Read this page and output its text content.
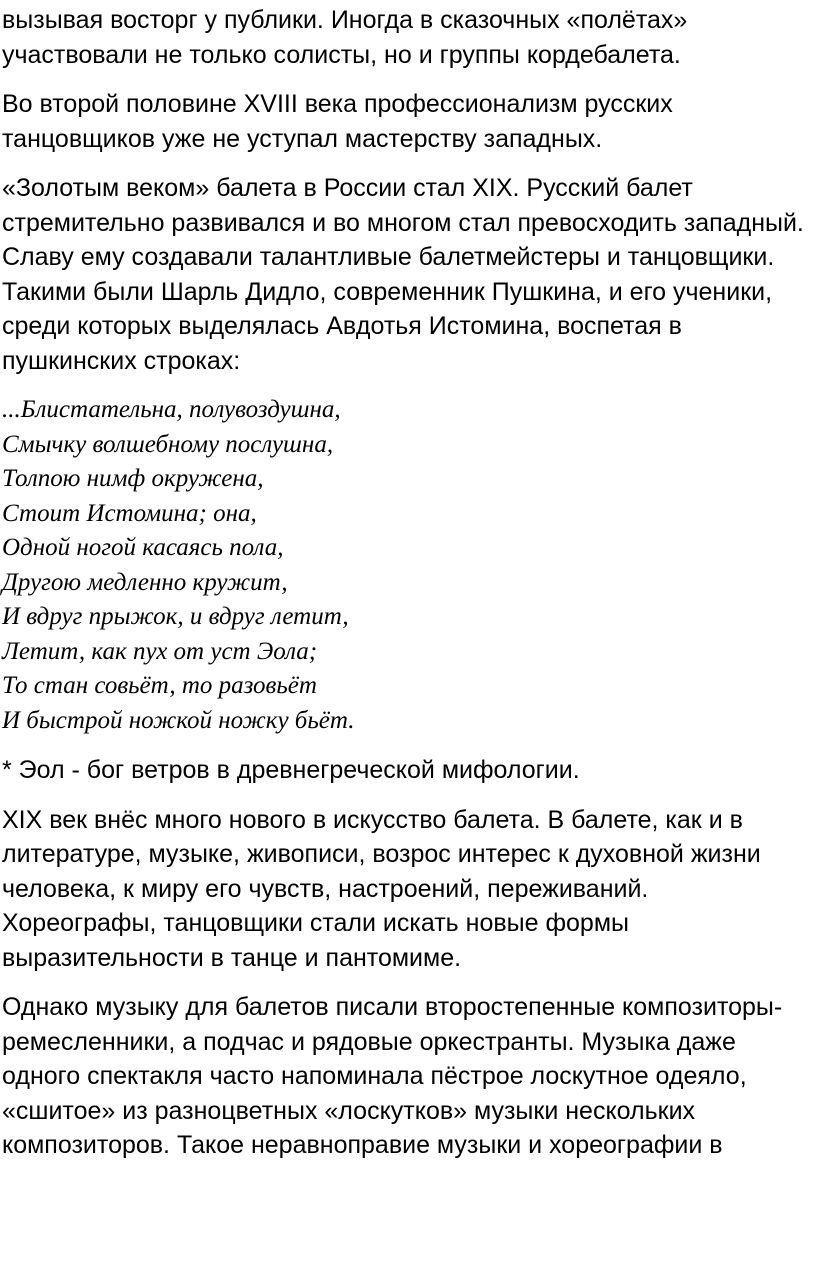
вызывая восторг у публики. Иногда в сказочных «полётах»
участвовали не только солисты, но и группы кордебалета.

Во второй половине XVIII века профессионализм русских
танцовщиков уже не уступал мастерству западных.

«Золотым веком» балета в России стал XIX. Русский балет
стремительно развивался и во многом стал превосходить западный.
Славу ему создавали талантливые балетмейстеры и танцовщики.
Такими были Шарль Дидло, современник Пушкина, и его ученики,
среди которых выделялась Авдотья Истомина, воспетая в
пушкинских строках:

...Блистательна, полувоздушна,
Смычку волшебному послушна,
Толпою нимф окружена,
Стоит Истомина; она,
Одной ногой касаясь пола,
Другою медленно кружит,
И вдруг прыжок, и вдруг летит,
Летит, как пух от уст Эола;
То стан совьёт, то разовьёт
И быстрой ножкой ножку бьёт.

* Эол - бог ветров в древнегреческой мифологии.

XIX век внёс много нового в искусство балета. В балете, как и в
литературе, музыке, живописи, возрос интерес к духовной жизни
человека, к миру его чувств, настроений, переживаний.
Хореографы, танцовщики стали искать новые формы
выразительности в танце и пантомиме.

Однако музыку для балетов писали второстепенные композиторы-
ремесленники, а подчас и рядовые оркестранты. Музыка даже
одного спектакля часто напоминала пёстрое лоскутное одеяло,
«сшитое» из разноцветных «лоскутков» музыки нескольких
композиторов. Такое неравноправие музыки и хореографии в
